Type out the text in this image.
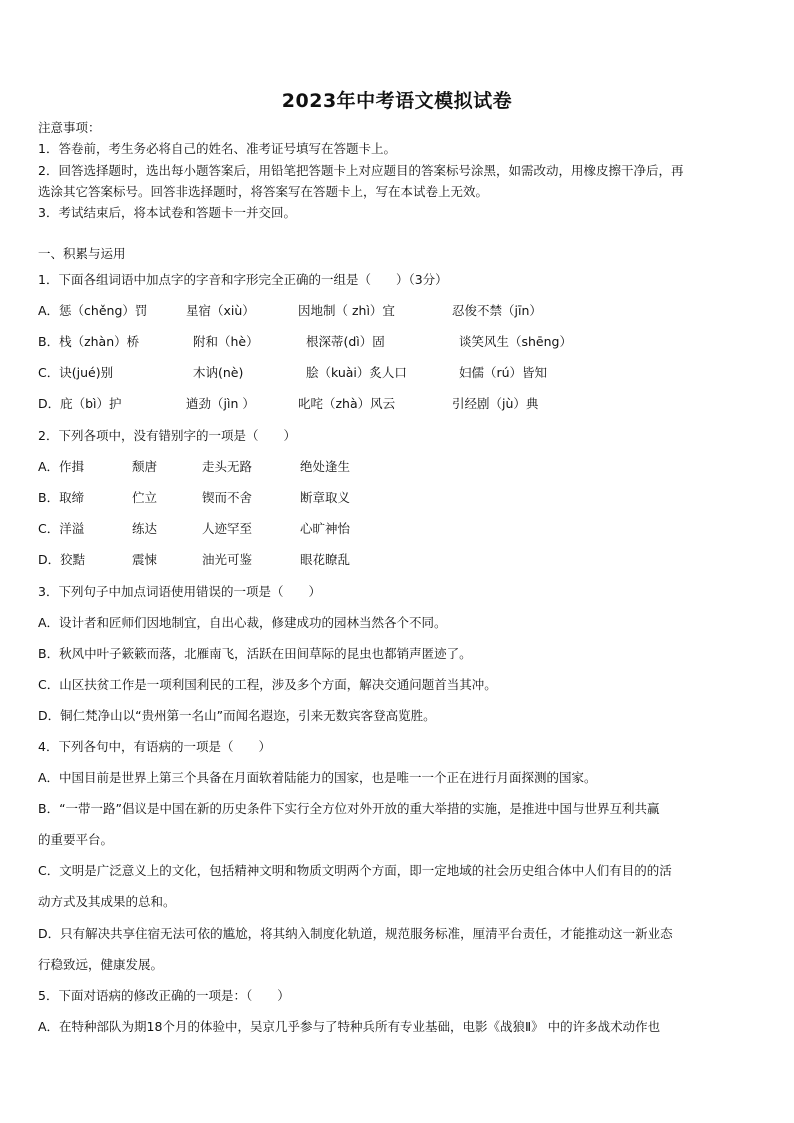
2023年中考语文模拟试卷
注意事项：
1．答卷前，考生务必将自己的姓名、准考证号填写在答题卡上。
2．回答选择题时，选出每小题答案后，用铅笔把答题卡上对应题目的答案标号涂黑，如需改动，用橡皮擦干净后，再
选涂其它答案标号。回答非选择题时，将答案写在答题卡上，写在本试卷上无效。
3．考试结束后，将本试卷和答题卡一并交回。
一、积累与运用
1．下面各组词语中加点字的字音和字形完全正确的一组是（　　）（3分）
A．惩（chěng）罚	星宿（xiù）	因地制（ zhì）宜	忍俊不禁（jīn）
B．栈（zhàn）桥	附和（hè）	根深蒂(dì）固	谈笑风生（shēng）
C．诀(jué)别	木讷(nè)	脍（kuài）炙人口	妇儒（rú）皆知
D．庇（bì）护	遒劲（jìn ）	叱咤（zhà）风云	引经剧（jù）典
2．下列各项中，没有错别字的一项是（　　）
A．作揖	颓唐	走头无路	绝处逢生
B．取缔	伫立	锲而不舍	断章取义
C．洋溢	练达	人迹罕至	心旷神怡
D．狡黠	震悚	油光可鉴	眼花瞭乱
3．下列句子中加点词语使用错误的一项是（　　）
A．设计者和匠师们因地制宜，自出心裁，修建成功的园林当然各个不同。
B．秋风中叶子簌簌而落，北雁南飞，活跃在田间草际的昆虫也都销声匿迹了。
C．山区扶贫工作是一项利国利民的工程，涉及多个方面，解决交通问题首当其冲。
D．铜仁梵净山以“贵州第一名山”而闻名遐迩，引来无数宾客登高览胜。
4．下列各句中，有语病的一项是（　　）
A．中国目前是世界上第三个具备在月面软着陆能力的国家，也是唯一一个正在进行月面探测的国家。
B．“一带一路”倡议是中国在新的历史条件下实行全方位对外开放的重大举措的实施，是推进中国与世界互利共赢
的重要平台。
C．文明是广泛意义上的文化，包括精神文明和物质文明两个方面，即一定地域的社会历史组合体中人们有目的的活
动方式及其成果的总和。
D．只有解决共享住宿无法可依的尴尬，将其纳入制度化轨道，规范服务标准，厘清平台责任，才能推动这一新业态
行稳致远，健康发展。
5．下面对语病的修改正确的一项是：（　　）
A．在特种部队为期18个月的体验中，吴京几乎参与了特种兵所有专业基础，电影《战狼Ⅱ》 中的许多战术动作也
